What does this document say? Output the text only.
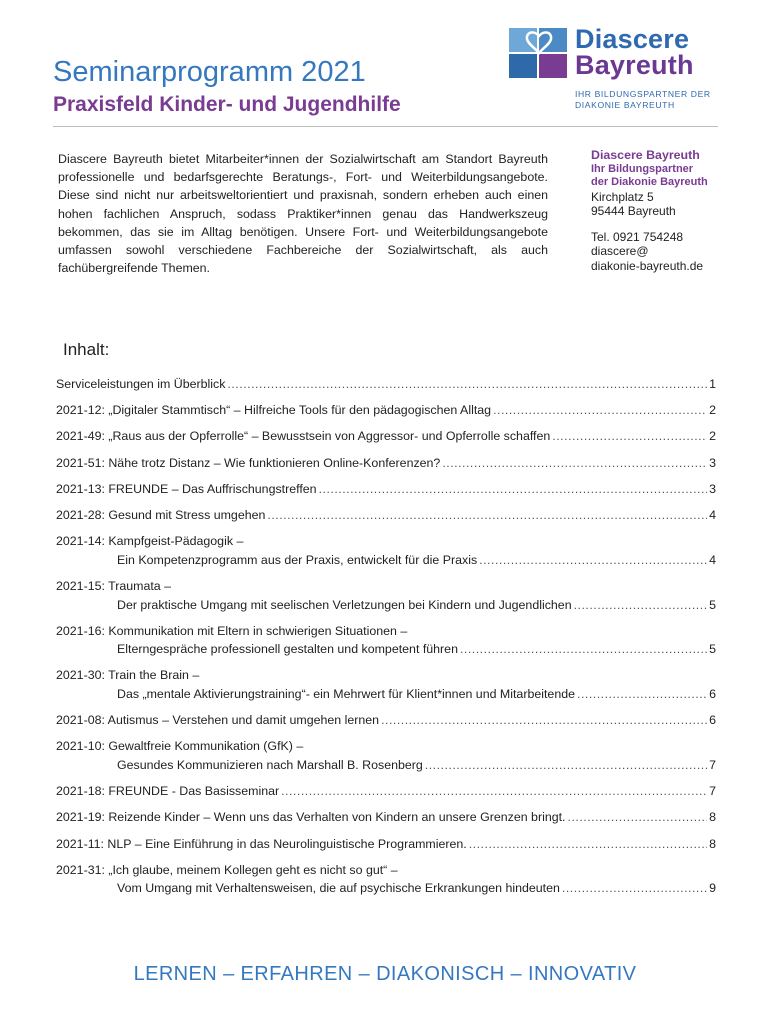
Diascere
Bayreuth
IHR BILDUNGSPARTNER DER
DIAKONIE BAYREUTH
Seminarprogramm 2021
Praxisfeld Kinder- und Jugendhilfe

Diascere Bayreuth bietet Mitarbeiter*innen der Sozialwirtschaft am Standort Bayreuth professionelle und bedarfsgerechte Beratungs-, Fort- und Weiterbildungsangebote. Diese sind nicht nur arbeitsweltorientiert und praxisnah, sondern erheben auch einen hohen fachlichen Anspruch, sodass Praktiker*innen genau das Handwerkszeug bekommen, das sie im Alltag benötigen. Unsere Fort- und Weiterbildungsangebote umfassen sowohl verschiedene Fachbereiche der Sozialwirtschaft, als auch fachübergreifende Themen.

Diascere Bayreuth
Ihr Bildungspartner
der Diakonie Bayreuth
Kirchplatz 5
95444 Bayreuth
Tel. 0921 754248
diascere@
diakonie-bayreuth.de
Inhalt:
Serviceleistungen im Überblick .....	1
2021-12: „Digitaler Stammtisch“ – Hilfreiche Tools für den pädagogischen Alltag .....	2
2021-49: „Raus aus der Opferrolle“ – Bewusstsein von Aggressor- und Opferrolle schaffen .....	2
2021-51: Nähe trotz Distanz – Wie funktionieren Online-Konferenzen? .....	3
2021-13: FREUNDE – Das Auffrischungstreffen .....	3
2021-28: Gesund mit Stress umgehen .....	4
2021-14: Kampfgeist-Pädagogik –
Ein Kompetenzprogramm aus der Praxis, entwickelt für die Praxis .....	4
2021-15: Traumata –
Der praktische Umgang mit seelischen Verletzungen bei Kindern und Jugendlichen .....	5
2021-16: Kommunikation mit Eltern in schwierigen Situationen –
Elterngespräche professionell gestalten und kompetent führen .....	5
2021-30: Train the Brain –
Das „mentale Aktivierungstraining“- ein Mehrwert für Klient*innen und Mitarbeitende .....	6
2021-08: Autismus – Verstehen und damit umgehen lernen .....	6
2021-10: Gewaltfreie Kommunikation (GfK) –
Gesundes Kommunizieren nach Marshall B. Rosenberg .....	7
2021-18: FREUNDE - Das Basisseminar .....	7
2021-19: Reizende Kinder – Wenn uns das Verhalten von Kindern an unsere Grenzen bringt. .....	8
2021-11: NLP – Eine Einführung in das Neurolinguistische Programmieren. .....	8
2021-31: „Ich glaube, meinem Kollegen geht es nicht so gut“ –
Vom Umgang mit Verhaltensweisen, die auf psychische Erkrankungen hindeuten .....	9
LERNEN – ERFAHREN – DIAKONISCH – INNOVATIV
